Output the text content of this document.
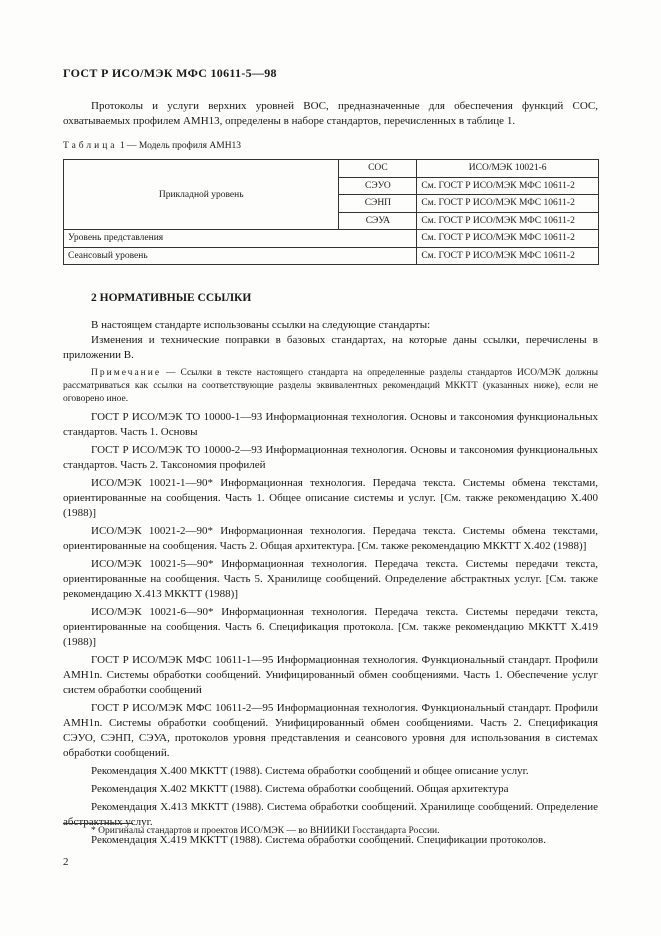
ГОСТ Р ИСО/МЭК МФС 10611-5—98
Протоколы и услуги верхних уровней ВОС, предназначенные для обеспечения функций СОС, охватываемых профилем АМН13, определены в наборе стандартов, перечисленных в таблице 1.
Таблица 1 — Модель профиля АМН13
Прикладной уровень	СОС	ИСО/МЭК 10021-6
	СЭУО	См. ГОСТ Р ИСО/МЭК МФС 10611-2
	СЭНП	См. ГОСТ Р ИСО/МЭК МФС 10611-2
	СЭУА	См. ГОСТ Р ИСО/МЭК МФС 10611-2
Уровень представления		См. ГОСТ Р ИСО/МЭК МФС 10611-2
Сеансовый уровень		См. ГОСТ Р ИСО/МЭК МФС 10611-2
2 НОРМАТИВНЫЕ ССЫЛКИ

В настоящем стандарте использованы ссылки на следующие стандарты:

Изменения и технические поправки в базовых стандартах, на которые даны ссылки, перечислены в приложении В.

Примечание — Ссылки в тексте настоящего стандарта на определенные разделы стандартов ИСО/МЭК должны рассматриваться как ссылки на соответствующие разделы эквивалентных рекомендаций МККТТ (указанных ниже), если не оговорено иное.

ГОСТ Р ИСО/МЭК ТО 10000-1—93 Информационная технология. Основы и таксономия функциональных стандартов. Часть 1. Основы

ГОСТ Р ИСО/МЭК ТО 10000-2—93 Информационная технология. Основы и таксономия функциональных стандартов. Часть 2. Таксономия профилей

ИСО/МЭК 10021-1—90* Информационная технология. Передача текста. Системы обмена текстами, ориентированные на сообщения. Часть 1. Общее описание системы и услуг. [См. также рекомендацию X.400 (1988)]

ИСО/МЭК 10021-2—90* Информационная технология. Передача текста. Системы обмена текстами, ориентированные на сообщения. Часть 2. Общая архитектура. [См. также рекомендацию МККТТ X.402 (1988)]

ИСО/МЭК 10021-5—90* Информационная технология. Передача текста. Системы передачи текста, ориентированные на сообщения. Часть 5. Хранилище сообщений. Определение абстрактных услуг. [См. также рекомендацию X.413 МККТТ (1988)]

ИСО/МЭК 10021-6—90* Информационная технология. Передача текста. Системы передачи текста, ориентированные на сообщения. Часть 6. Спецификация протокола. [См. также рекомендацию МККТТ X.419 (1988)]

ГОСТ Р ИСО/МЭК МФС 10611-1—95 Информационная технология. Функциональный стандарт. Профили АМН1n. Системы обработки сообщений. Унифицированный обмен сообщениями. Часть 1. Обеспечение услуг систем обработки сообщений

ГОСТ Р ИСО/МЭК МФС 10611-2—95 Информационная технология. Функциональный стандарт. Профили АМН1n. Системы обработки сообщений. Унифицированный обмен сообщениями. Часть 2. Спецификация СЭУО, СЭНП, СЭУА, протоколов уровня представления и сеансового уровня для использования в системах обработки сообщений.

Рекомендация X.400 МККТТ (1988). Система обработки сообщений и общее описание услуг.

Рекомендация X.402 МККТТ (1988). Система обработки сообщений. Общая архитектура

Рекомендация X.413 МККТТ (1988). Система обработки сообщений. Хранилище сообщений. Определение абстрактных услуг.

Рекомендация X.419 МККТТ (1988). Система обработки сообщений. Спецификации протоколов.

* Оригиналы стандартов и проектов ИСО/МЭК — во ВНИИКИ Госстандарта России.
2
